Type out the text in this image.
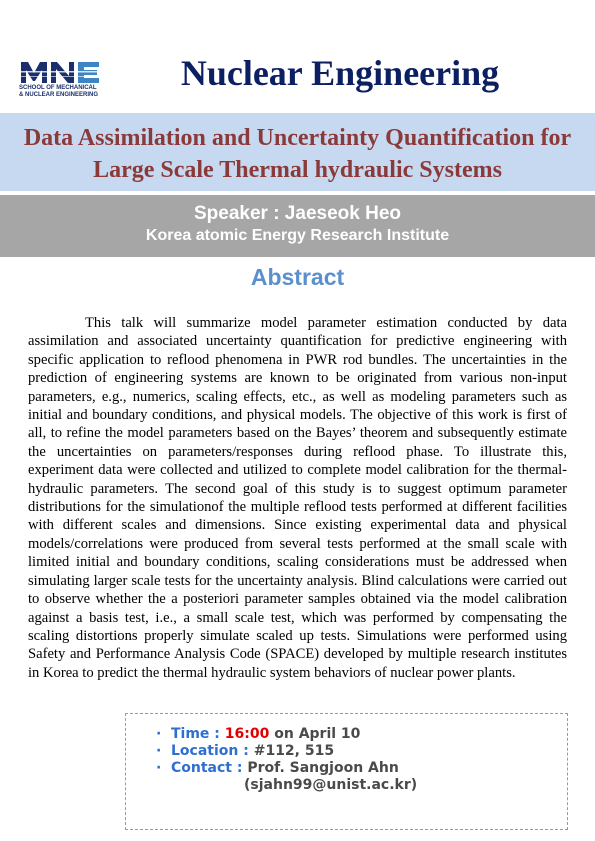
SCHOOL OF MECHANICAL
& NUCLEAR ENGINEERING
Nuclear Engineering
Data Assimilation and Uncertainty Quantification for
Large Scale Thermal hydraulic Systems
Speaker : Jaeseok Heo
Korea atomic Energy Research Institute
Abstract

This talk will summarize model parameter estimation conducted by data assimilation and associated uncertainty quantification for predictive engineering with specific application to reflood phenomena in PWR rod bundles. The uncertainties in the prediction of engineering systems are known to be originated from various non-input parameters, e.g., numerics, scaling effects, etc., as well as modeling parameters such as initial and boundary conditions, and physical models. The objective of this work is first of all, to refine the model parameters based on the Bayes’ theorem and subsequently estimate the uncertainties on parameters/responses during reflood phase. To illustrate this, experiment data were collected and utilized to complete model calibration for the thermal-hydraulic parameters. The second goal of this study is to suggest optimum parameter distributions for the simulationof the multiple reflood tests performed at different facilities with different scales and dimensions. Since existing experimental data and physical models/correlations were produced from several tests performed at the small scale with limited initial and boundary conditions, scaling considerations must be addressed when simulating larger scale tests for the uncertainty analysis. Blind calculations were carried out to observe whether the a posteriori parameter samples obtained via the model calibration against a basis test, i.e., a small scale test, which was performed by compensating the scaling distortions properly simulate scaled up tests. Simulations were performed using Safety and Performance Analysis Code (SPACE) developed by multiple research institutes in Korea to predict the thermal hydraulic system behaviors of nuclear power plants.

· Time : 16:00 on April 10
· Location : #112, 515
· Contact : Prof. Sangjoon Ahn
(sjahn99@unist.ac.kr)
